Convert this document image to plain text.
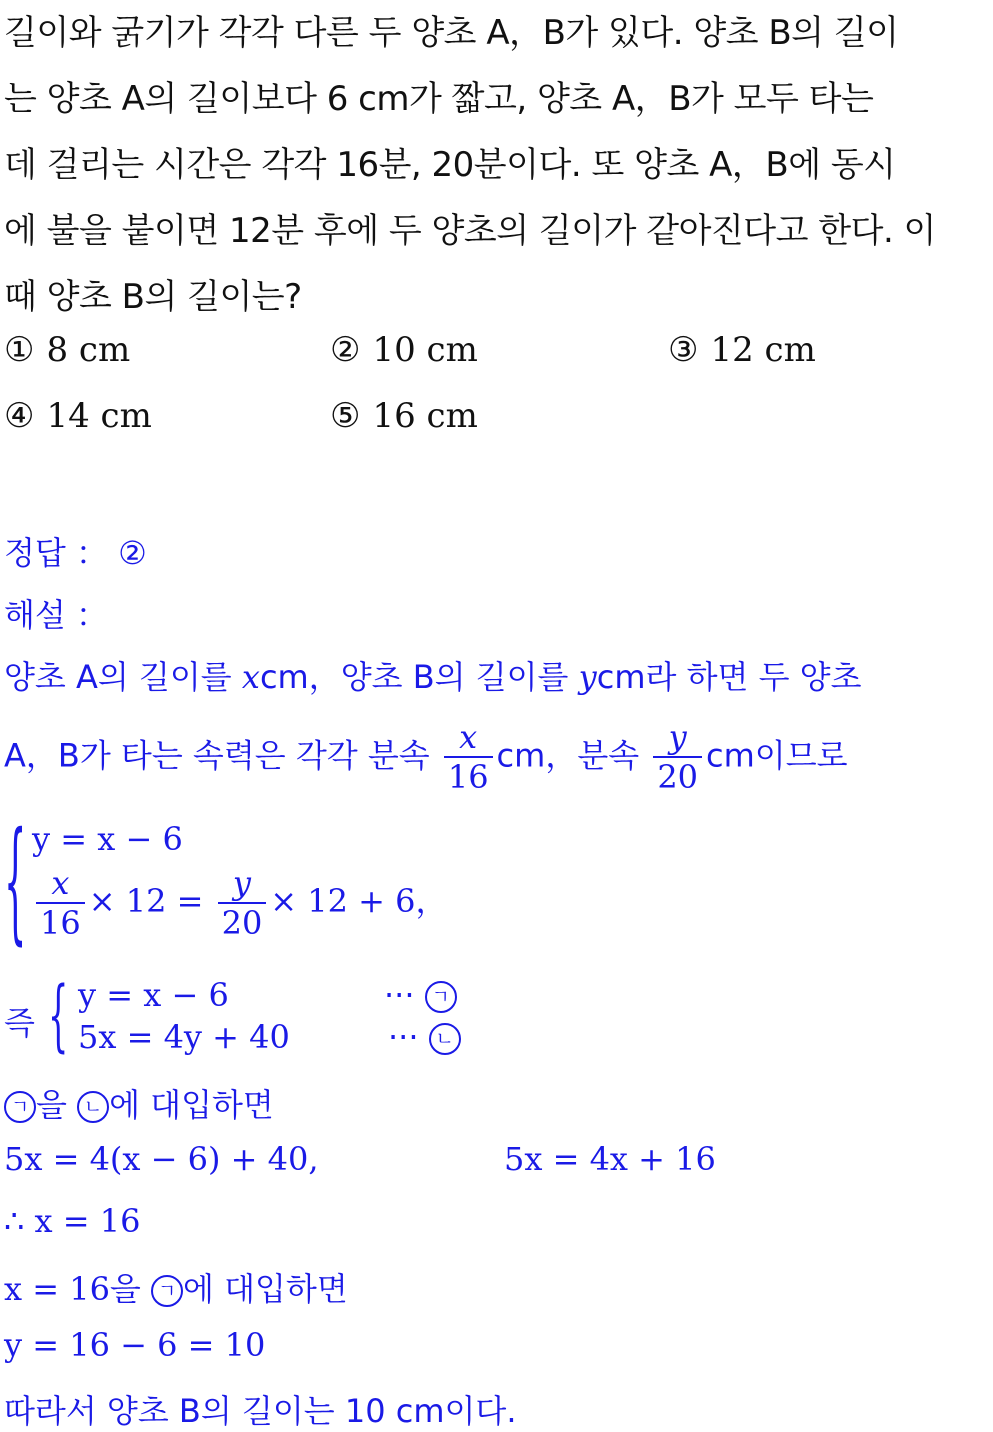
길이와 굵기가 각각 다른 두 양초 A，B가 있다. 양초 B의 길이
는 양초 A의 길이보다 6 cm가 짧고, 양초 A，B가 모두 타는
데 걸리는 시간은 각각 16분, 20분이다. 또 양초 A，B에 동시
에 불을 붙이면 12분 후에 두 양초의 길이가 같아진다고 한다. 이
때 양초 B의 길이는?
① 8 cm	② 10 cm	③ 12 cm
④ 14 cm	⑤ 16 cm
정답 ： ②
해설 ：
양초 A의 길이를 xcm，양초 B의 길이를 ycm라 하면 두 양초
A，B가 타는 속력은 각각 분속 $\frac{x}{16}$ cm，분속 $\frac{y}{20}$ cm이므로
{ y = x − 6
$\frac{x}{16} \times 12 = \frac{y}{20} \times 12 + 6$，
즉 { y = x − 6
5x = 4y + 40
··· ㄱ
··· ㄴ
ㄱ 을 ㄴ 에 대입하면
5x = 4(x − 6) + 40,	5x = 4x + 16
∴ x = 16
x = 16을 ㄱ 에 대입하면
y = 16 − 6 = 10
따라서 양초 B의 길이는 10 cm이다.
